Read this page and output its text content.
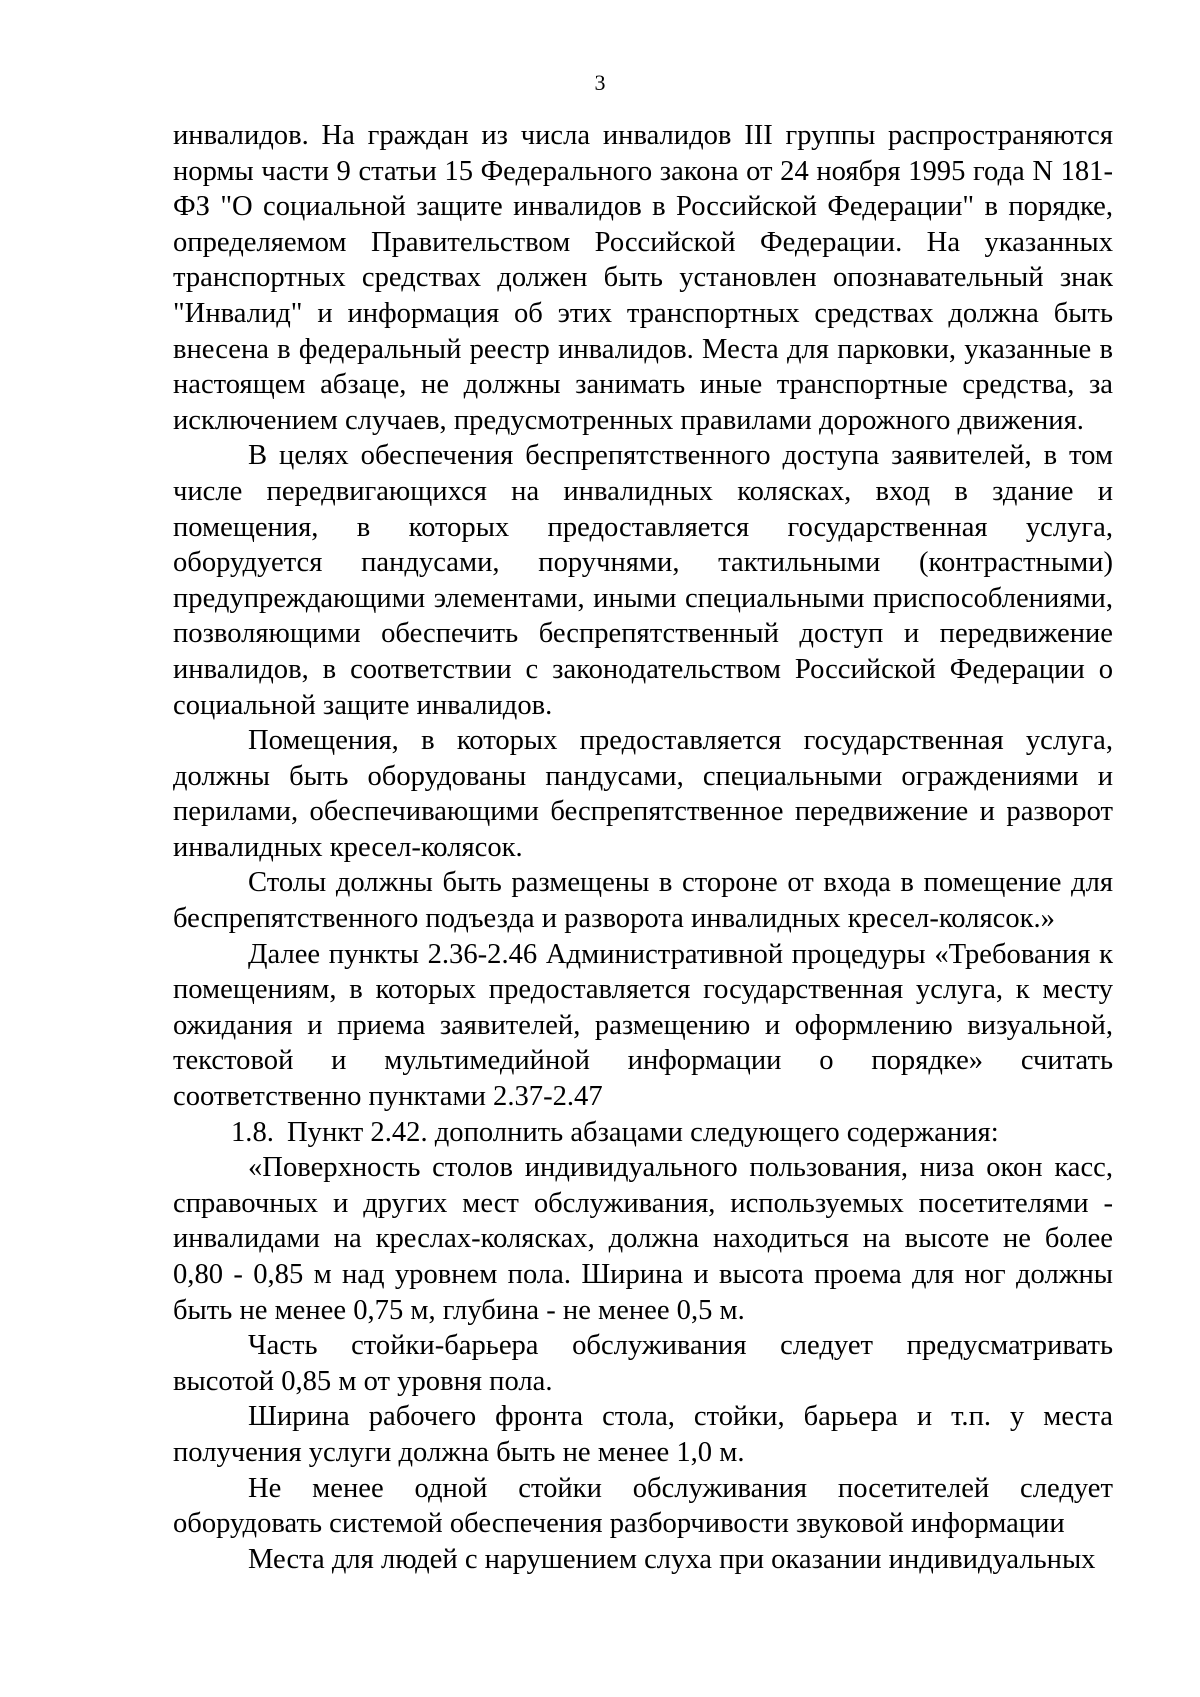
3

инвалидов. На граждан из числа инвалидов III группы распространяются нормы части 9 статьи 15 Федерального закона от 24 ноября 1995 года N 181-ФЗ "О социальной защите инвалидов в Российской Федерации" в порядке, определяемом Правительством Российской Федерации. На указанных транспортных средствах должен быть установлен опознавательный знак "Инвалид" и информация об этих транспортных средствах должна быть внесена в федеральный реестр инвалидов. Места для парковки, указанные в настоящем абзаце, не должны занимать иные транспортные средства, за исключением случаев, предусмотренных правилами дорожного движения.

В целях обеспечения беспрепятственного доступа заявителей, в том числе передвигающихся на инвалидных колясках, вход в здание и помещения, в которых предоставляется государственная услуга, оборудуется пандусами, поручнями, тактильными (контрастными) предупреждающими элементами, иными специальными приспособлениями, позволяющими обеспечить беспрепятственный доступ и передвижение инвалидов, в соответствии с законодательством Российской Федерации о социальной защите инвалидов.

Помещения, в которых предоставляется государственная услуга, должны быть оборудованы пандусами, специальными ограждениями и перилами, обеспечивающими беспрепятственное передвижение и разворот инвалидных кресел-колясок.

Столы должны быть размещены в стороне от входа в помещение для беспрепятственного подъезда и разворота инвалидных кресел-колясок.»

Далее пункты 2.36-2.46 Административной процедуры «Требования к помещениям, в которых предоставляется государственная услуга, к месту ожидания и приема заявителей, размещению и оформлению визуальной, текстовой и мультимедийной информации о порядке» считать соответственно пунктами 2.37-2.47

1.8. Пункт 2.42. дополнить абзацами следующего содержания:

«Поверхность столов индивидуального пользования, низа окон касс, справочных и других мест обслуживания, используемых посетителями - инвалидами на креслах-колясках, должна находиться на высоте не более 0,80 - 0,85 м над уровнем пола. Ширина и высота проема для ног должны быть не менее 0,75 м, глубина - не менее 0,5 м.

Часть стойки-барьера обслуживания следует предусматривать высотой 0,85 м от уровня пола.

Ширина рабочего фронта стола, стойки, барьера и т.п. у места получения услуги должна быть не менее 1,0 м.

Не менее одной стойки обслуживания посетителей следует оборудовать системой обеспечения разборчивости звуковой информации

Места для людей с нарушением слуха при оказании индивидуальных
